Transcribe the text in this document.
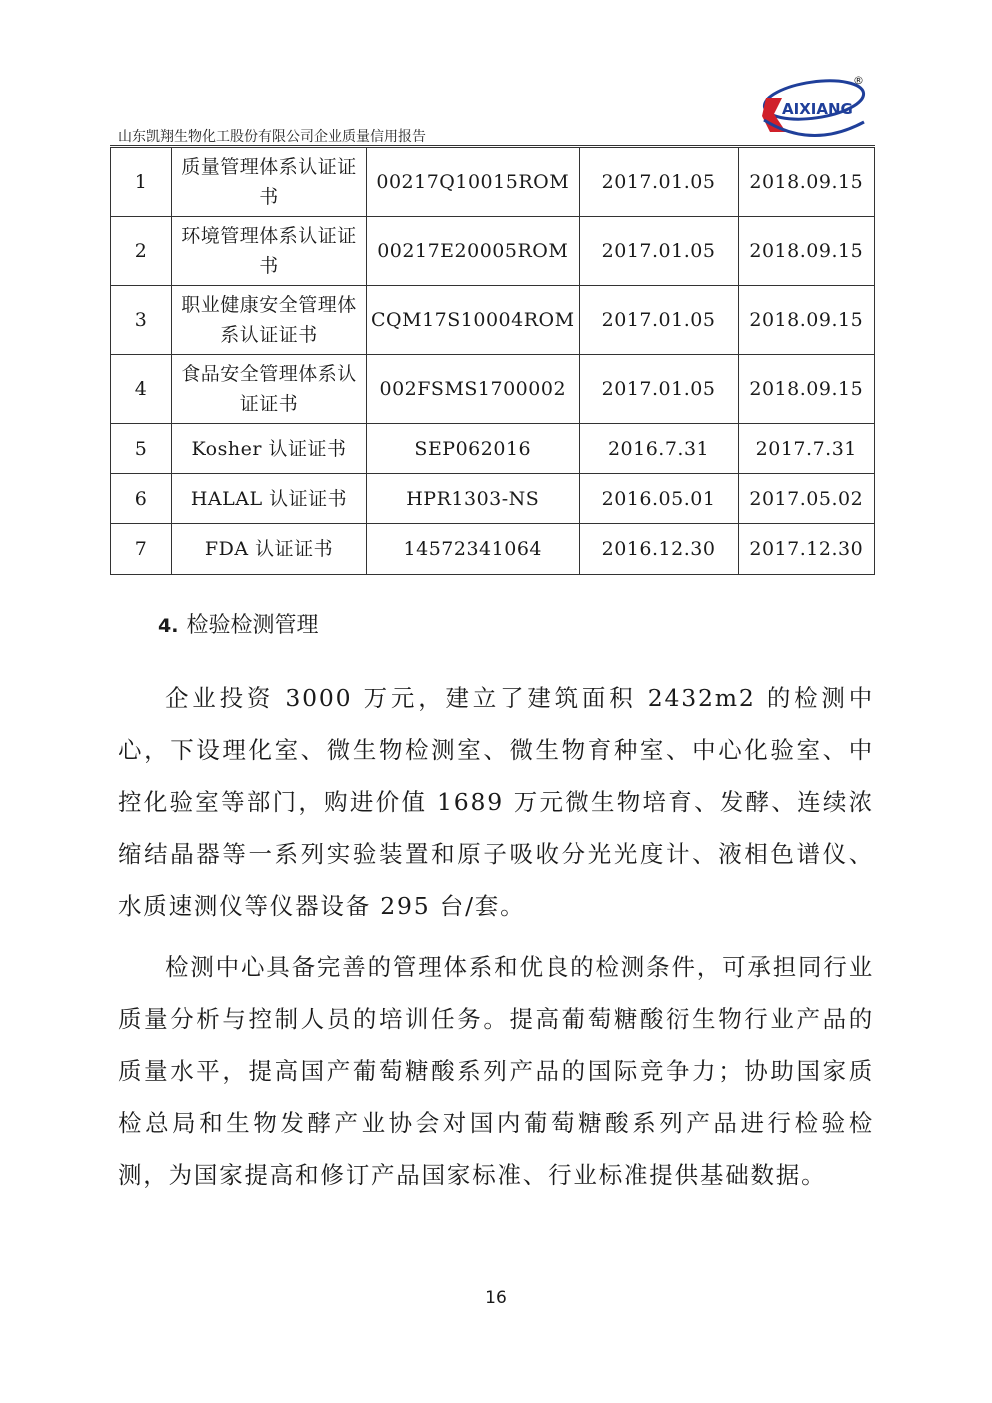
山东凯翔生物化工股份有限公司企业质量信用报告
AIXIANG
®
1	质量管理体系认证证书	00217Q10015ROM	2017.01.05	2018.09.15
2	环境管理体系认证证书	00217E20005ROM	2017.01.05	2018.09.15
3	职业健康安全管理体系认证证书	CQM17S10004ROM	2017.01.05	2018.09.15
4	食品安全管理体系认证证书	002FSMS1700002	2017.01.05	2018.09.15
5	Kosher 认证证书	SEP062016	2016.7.31	2017.7.31
6	HALAL 认证证书	HPR1303-NS	2016.05.01	2017.05.02
7	FDA 认证证书	14572341064	2016.12.30	2017.12.30
4. 检验检测管理

企业投资 3000 万元，建立了建筑面积 2432m2 的检测中心，下设理化室、微生物检测室、微生物育种室、中心化验室、中控化验室等部门，购进价值 1689 万元微生物培育、发酵、连续浓缩结晶器等一系列实验装置和原子吸收分光光度计、液相色谱仪、水质速测仪等仪器设备 295 台/套。

检测中心具备完善的管理体系和优良的检测条件，可承担同行业质量分析与控制人员的培训任务。提高葡萄糖酸衍生物行业产品的质量水平，提高国产葡萄糖酸系列产品的国际竞争力；协助国家质检总局和生物发酵产业协会对国内葡萄糖酸系列产品进行检验检测，为国家提高和修订产品国家标准、行业标准提供基础数据。

16
